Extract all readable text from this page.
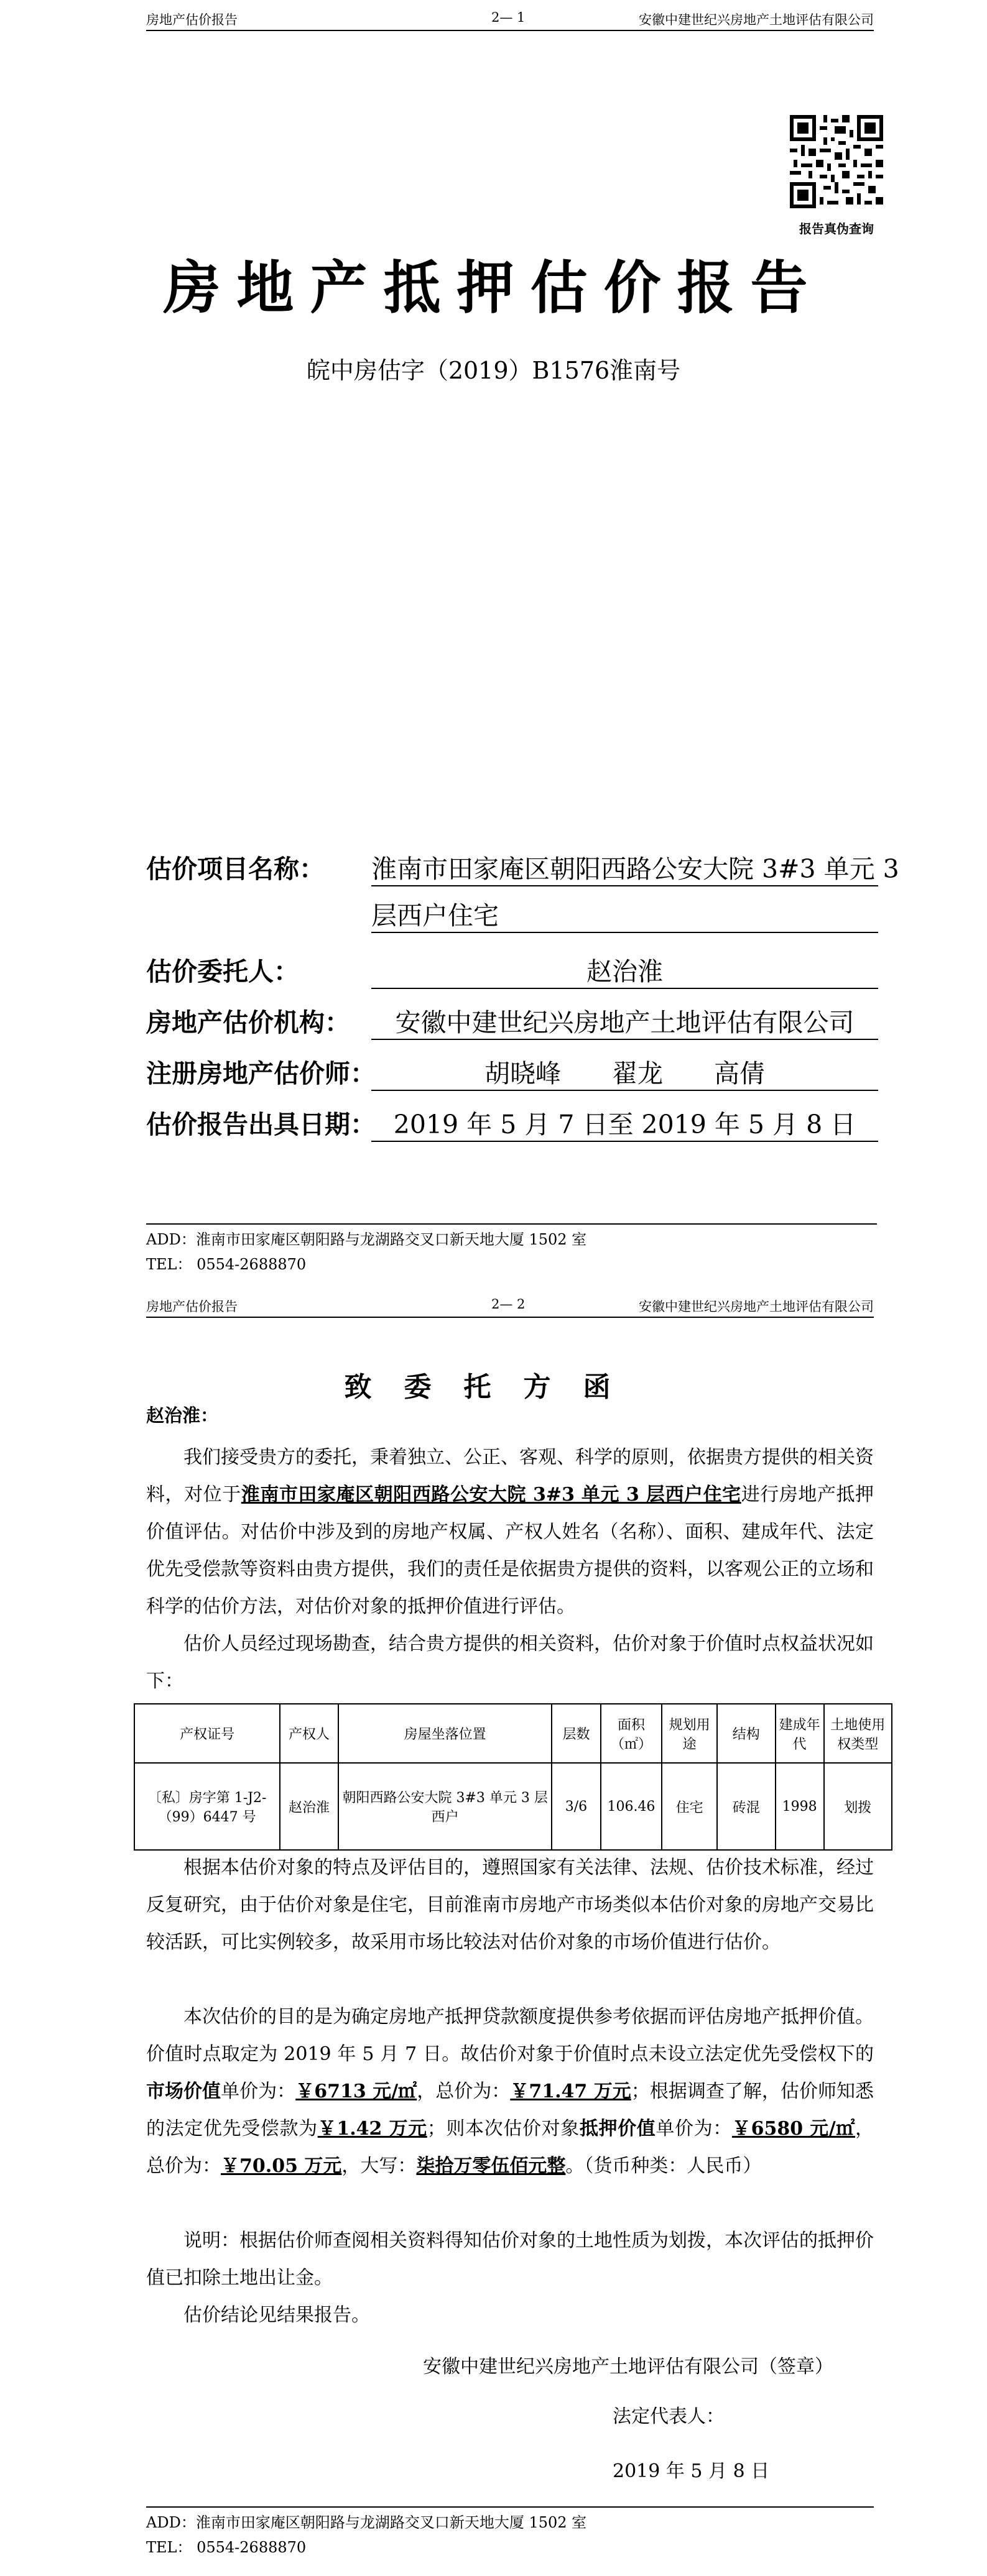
房地产估价报告	2— 1	安徽中建世纪兴房地产土地评估有限公司
报告真伪查询
房地产抵押估价报告
皖中房估字（2019）B1576淮南号
估价项目名称： 淮南市田家庵区朝阳西路公安大院 3#3 单元 3
层西户住宅
估价委托人：	赵治淮
房地产估价机构：	安徽中建世纪兴房地产土地评估有限公司
注册房地产估价师：	胡晓峰　　翟龙　　高倩
估价报告出具日期： 2019 年 5 月 7 日至 2019 年 5 月 8 日
ADD：淮南市田家庵区朝阳路与龙湖路交叉口新天地大厦 1502 室
TEL： 0554-2688870
房地产估价报告	2— 2	安徽中建世纪兴房地产土地评估有限公司
致委托方函
赵治淮：
我们接受贵方的委托，秉着独立、公正、客观、科学的原则，依据贵方提供的相关资料，对位于淮南市田家庵区朝阳西路公安大院 3#3 单元 3 层西户住宅进行房地产抵押价值评估。对估价中涉及到的房地产权属、产权人姓名（名称）、面积、建成年代、法定优先受偿款等资料由贵方提供，我们的责任是依据贵方提供的资料，以客观公正的立场和科学的估价方法，对估价对象的抵押价值进行评估。
估价人员经过现场勘查，结合贵方提供的相关资料，估价对象于价值时点权益状况如下：
产权证号	产权人	房屋坐落位置	层数	面积（㎡）	规划用途	结构	建成年代	土地使用权类型
〔私〕房字第 1-J2-（99）6447 号	赵治淮	朝阳西路公安大院 3#3 单元 3 层西户	3/6	106.46	住宅	砖混	1998	划拨
根据本估价对象的特点及评估目的，遵照国家有关法律、法规、估价技术标准，经过反复研究，由于估价对象是住宅，目前淮南市房地产市场类似本估价对象的房地产交易比较活跃，可比实例较多，故采用市场比较法对估价对象的市场价值进行估价。
本次估价的目的是为确定房地产抵押贷款额度提供参考依据而评估房地产抵押价值。价值时点取定为 2019 年 5 月 7 日。故估价对象于价值时点未设立法定优先受偿权下的市场价值单价为：￥6713 元/㎡，总价为：￥71.47 万元；根据调查了解，估价师知悉的法定优先受偿款为￥1.42 万元；则本次估价对象抵押价值单价为：￥6580 元/㎡，总价为：￥70.05 万元，大写：柒拾万零伍佰元整。（货币种类：人民币）
说明：根据估价师查阅相关资料得知估价对象的土地性质为划拨，本次评估的抵押价值已扣除土地出让金。
估价结论见结果报告。
安徽中建世纪兴房地产土地评估有限公司（签章）
法定代表人：
2019 年 5 月 8 日
ADD：淮南市田家庵区朝阳路与龙湖路交叉口新天地大厦 1502 室
TEL： 0554-2688870
